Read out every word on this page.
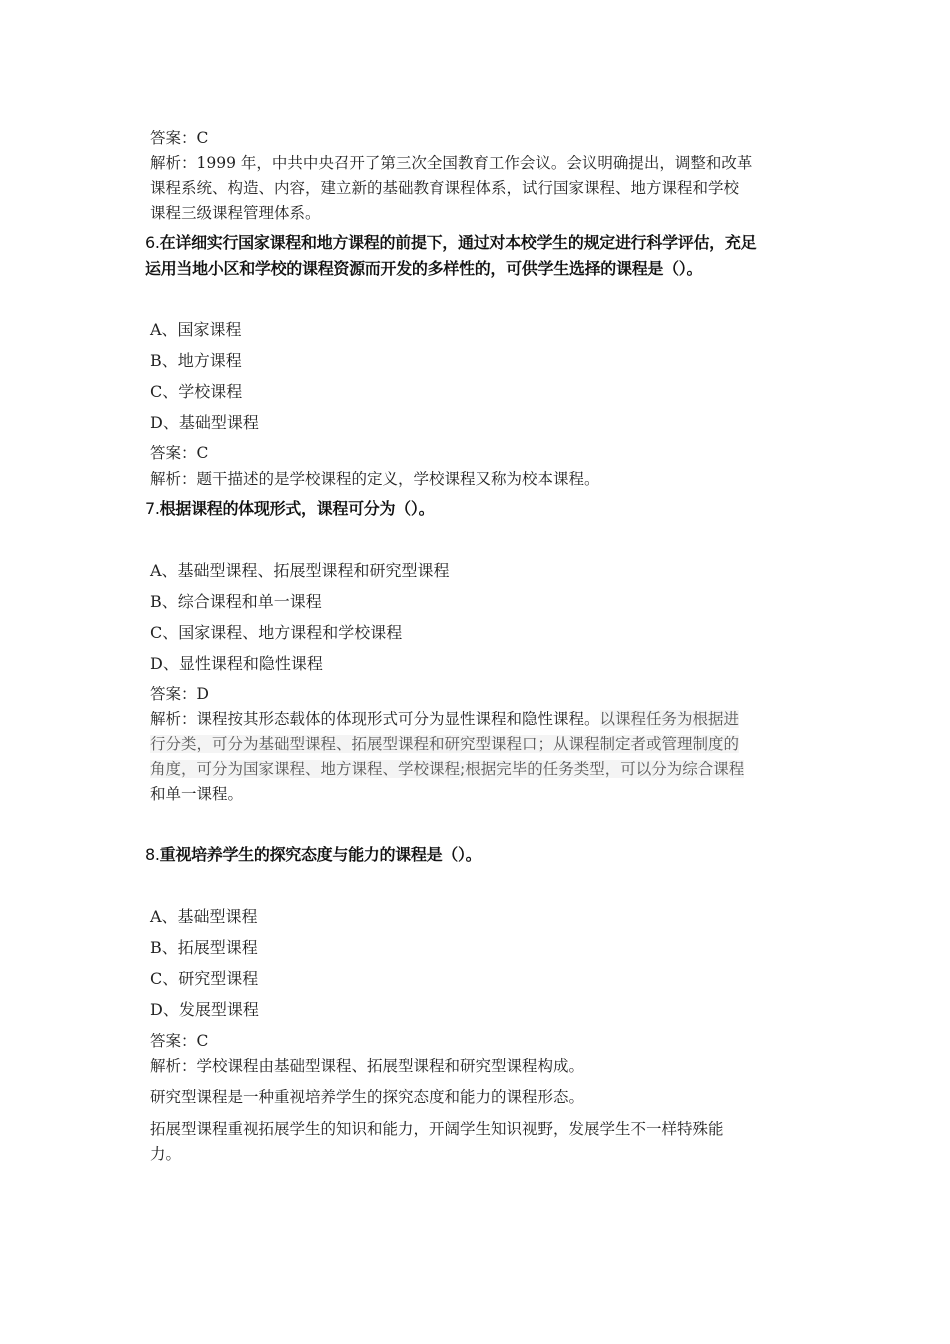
答案：C
解析：1999 年，中共中央召开了第三次全国教育工作会议。会议明确提出，调整和改革
课程系统、构造、内容，建立新的基础教育课程体系，试行国家课程、地方课程和学校
课程三级课程管理体系。
6.在详细实行国家课程和地方课程的前提下，通过对本校学生的规定进行科学评估，充足
运用当地小区和学校的课程资源而开发的多样性的，可供学生选择的课程是（）。
A、国家课程
B、地方课程
C、学校课程
D、基础型课程
答案：C
解析：题干描述的是学校课程的定义，学校课程又称为校本课程。
7.根据课程的体现形式，课程可分为（）。
A、基础型课程、拓展型课程和研究型课程
B、综合课程和单一课程
C、国家课程、地方课程和学校课程
D、显性课程和隐性课程
答案：D
解析：课程按其形态载体的体现形式可分为显性课程和隐性课程。以课程任务为根据进
行分类，可分为基础型课程、拓展型课程和研究型课程口；从课程制定者或管理制度的
角度，可分为国家课程、地方课程、学校课程;根据完毕的任务类型，可以分为综合课程
和单一课程。
8.重视培养学生的探究态度与能力的课程是（）。
A、基础型课程
B、拓展型课程
C、研究型课程
D、发展型课程
答案：C
解析：学校课程由基础型课程、拓展型课程和研究型课程构成。
研究型课程是一种重视培养学生的探究态度和能力的课程形态。
拓展型课程重视拓展学生的知识和能力，开阔学生知识视野，发展学生不一样特殊能
力。
